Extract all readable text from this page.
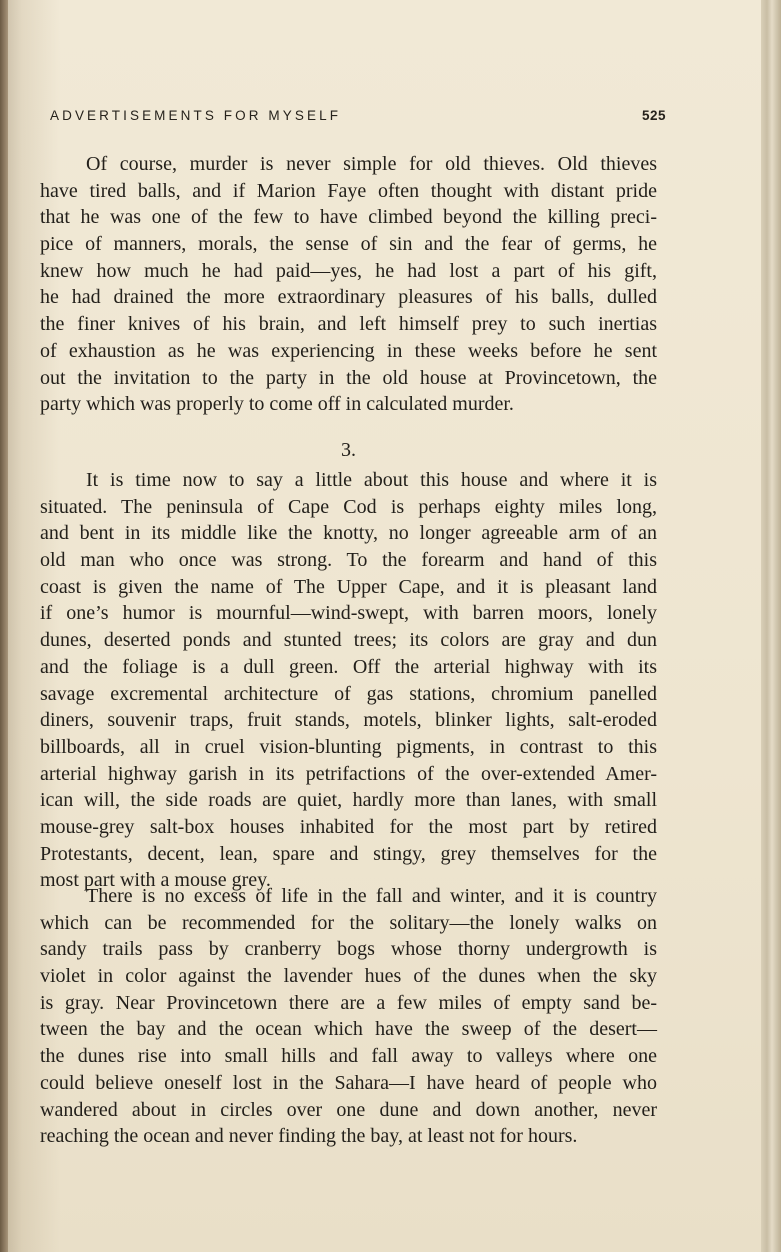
ADVERTISEMENTS FOR MYSELF	525
Of course, murder is never simple for old thieves. Old thieves
have tired balls, and if Marion Faye often thought with distant pride
that he was one of the few to have climbed beyond the killing preci-
pice of manners, morals, the sense of sin and the fear of germs, he
knew how much he had paid—yes, he had lost a part of his gift,
he had drained the more extraordinary pleasures of his balls, dulled
the finer knives of his brain, and left himself prey to such inertias
of exhaustion as he was experiencing in these weeks before he sent
out the invitation to the party in the old house at Provincetown, the
party which was properly to come off in calculated murder.
3.
It is time now to say a little about this house and where it is
situated. The peninsula of Cape Cod is perhaps eighty miles long,
and bent in its middle like the knotty, no longer agreeable arm of an
old man who once was strong. To the forearm and hand of this
coast is given the name of The Upper Cape, and it is pleasant land
if one’s humor is mournful—wind-swept, with barren moors, lonely
dunes, deserted ponds and stunted trees; its colors are gray and dun
and the foliage is a dull green. Off the arterial highway with its
savage excremental architecture of gas stations, chromium panelled
diners, souvenir traps, fruit stands, motels, blinker lights, salt-eroded
billboards, all in cruel vision-blunting pigments, in contrast to this
arterial highway garish in its petrifactions of the over-extended Amer-
ican will, the side roads are quiet, hardly more than lanes, with small
mouse-grey salt-box houses inhabited for the most part by retired
Protestants, decent, lean, spare and stingy, grey themselves for the
most part with a mouse grey.
There is no excess of life in the fall and winter, and it is country
which can be recommended for the solitary—the lonely walks on
sandy trails pass by cranberry bogs whose thorny undergrowth is
violet in color against the lavender hues of the dunes when the sky
is gray. Near Provincetown there are a few miles of empty sand be-
tween the bay and the ocean which have the sweep of the desert—
the dunes rise into small hills and fall away to valleys where one
could believe oneself lost in the Sahara—I have heard of people who
wandered about in circles over one dune and down another, never
reaching the ocean and never finding the bay, at least not for hours.
